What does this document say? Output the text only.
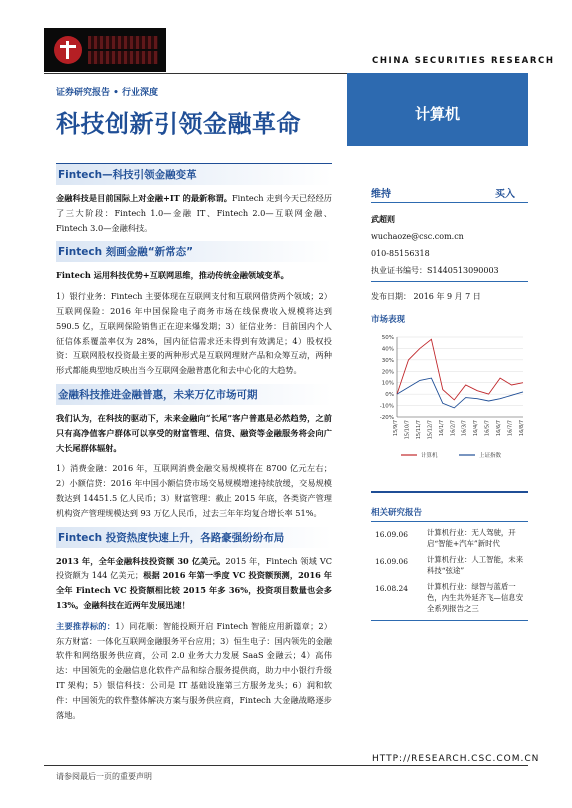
CHINA SECURITIES RESEARCH
证券研究报告 • 行业深度
科技创新引领金融革命	计算机
Fintech—科技引领金融变革
金融科技是目前国际上对金融+IT 的最新称谓。Fintech 走到今天已经经历了三大阶段：Fintech 1.0—金融 IT、Fintech 2.0—互联网金融、Fintech 3.0—金融科技。
Fintech 刻画金融“新常态”
Fintech 运用科技优势+互联网思维，推动传统金融领域变革。
1）银行业务：Fintech 主要体现在互联网支付和互联网借贷两个领域；2）互联网保险：2016 年中国保险电子商务市场在线保费收入规模将达到 590.5 亿，互联网保险销售正在迎来爆发期；3）征信业务：目前国内个人征信体系覆盖率仅为 28%，国内征信需求还未得到有效满足；4）股权投资：互联网股权投资最主要的两种形式是互联网理财产品和众筹互动，两种形式都能典型地反映出当今互联网金融普惠化和去中心化的大趋势。
金融科技推进金融普惠，未来万亿市场可期
我们认为，在科技的驱动下，未来金融向“长尾”客户普惠是必然趋势，之前只有高净值客户群体可以享受的财富管理、信贷、融资等金融服务将会向广大长尾群体辐射。
1）消费金融：2016 年，互联网消费金融交易规模将在 8700 亿元左右；2）小额信贷：2016 年中国小额信贷市场交易规模增速持续放缓，交易规模数达到 14451.5 亿人民币；3）财富管理：截止 2015 年底，各类资产管理机构资产管理规模达到 93 万亿人民币，过去三年年均复合增长率 51%。
Fintech 投资热度快速上升，各路豪强纷纷布局
2013 年，全年金融科技投资额 30 亿美元。2015 年，Fintech 领域 VC 投资额为 144 亿美元；根据 2016 年第一季度 VC 投资额预测，2016 年全年 Fintech VC 投资额相比较 2015 年多 36%，投资项目数量也会多 13%。金融科技在近两年发展迅速！
主要推荐标的：1）同花顺：智能投顾开启 Fintech 智能应用新篇章；2）东方财富：一体化互联网金融服务平台应用；3）恒生电子：国内领先的金融软件和网络服务供应商，公司 2.0 业务大力发展 SaaS 金融云；4）高伟达：中国领先的金融信息化软件产品和综合服务提供商，助力中小银行升级 IT 架构；5）银信科技：公司是 IT 基础设施第三方服务龙头；6）润和软件：中国领先的软件整体解决方案与服务供应商，Fintech 大金融战略逐步落地。
维持	买入
武超则
wuchaoze@csc.com.cn
010-85156318
执业证书编号：S1440513090003
发布日期： 2016 年 9 月 7 日
市场表现
50%
40%
30%
20%
10%
0%
-10%
-20%
15/9/7 15/10/7 15/11/7 15/12/7 16/1/7 16/2/7 16/3/7 16/4/7 16/5/7 16/6/7 16/7/7 16/8/7
计算机	上证指数
相关研究报告
16.09.06	计算机行业：无人驾驶，开启“智能+汽车”新时代
16.09.06	计算机行业：人工智能，未来科技“弦途”
16.08.24	计算机行业：绿智与蓝盾一色，内生共外延齐飞—信息安全系列报告之三
HTTP://RESEARCH.CSC.COM.CN
请参阅最后一页的重要声明
